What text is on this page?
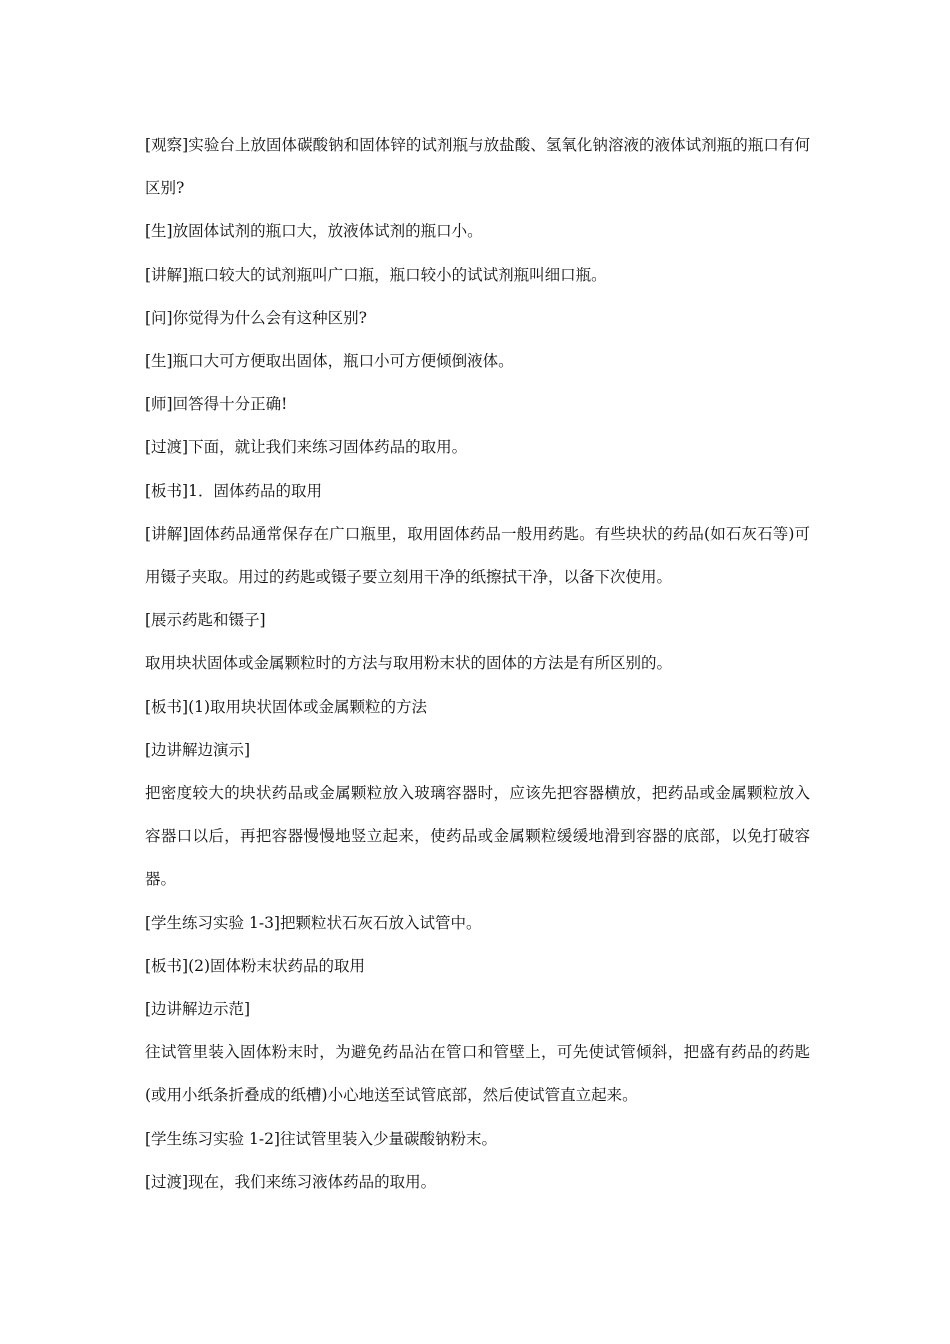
[观察]实验台上放固体碳酸钠和固体锌的试剂瓶与放盐酸、氢氧化钠溶液的液体试剂瓶的瓶口有何区别?

[生]放固体试剂的瓶口大，放液体试剂的瓶口小。

[讲解]瓶口较大的试剂瓶叫广口瓶，瓶口较小的试试剂瓶叫细口瓶。

[问]你觉得为什么会有这种区别?

[生]瓶口大可方便取出固体，瓶口小可方便倾倒液体。

[师]回答得十分正确!

[过渡]下面，就让我们来练习固体药品的取用。

[板书]1．固体药品的取用

[讲解]固体药品通常保存在广口瓶里，取用固体药品一般用药匙。有些块状的药品(如石灰石等)可用镊子夹取。用过的药匙或镊子要立刻用干净的纸擦拭干净，以备下次使用。

[展示药匙和镊子]

取用块状固体或金属颗粒时的方法与取用粉末状的固体的方法是有所区别的。

[板书](1)取用块状固体或金属颗粒的方法

[边讲解边演示]

把密度较大的块状药品或金属颗粒放入玻璃容器时，应该先把容器横放，把药品或金属颗粒放入容器口以后，再把容器慢慢地竖立起来，使药品或金属颗粒缓缓地滑到容器的底部，以免打破容器。

[学生练习实验 1-3]把颗粒状石灰石放入试管中。

[板书](2)固体粉末状药品的取用

[边讲解边示范]

往试管里装入固体粉末时，为避免药品沾在管口和管壁上，可先使试管倾斜，把盛有药品的药匙(或用小纸条折叠成的纸槽)小心地送至试管底部，然后使试管直立起来。

[学生练习实验 1-2]往试管里装入少量碳酸钠粉末。

[过渡]现在，我们来练习液体药品的取用。
